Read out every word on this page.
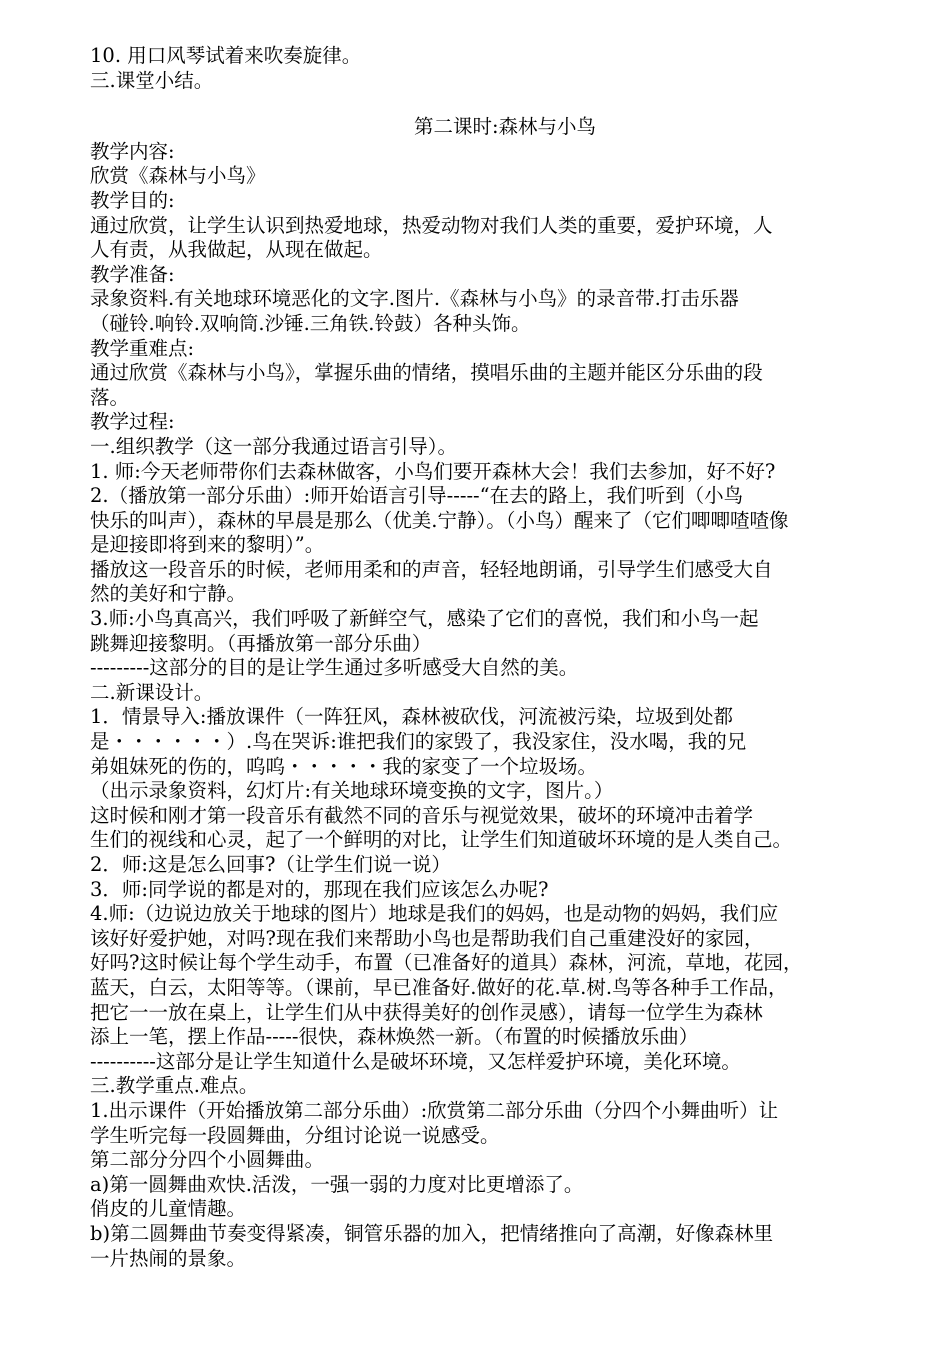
10. 用口风琴试着来吹奏旋律。
三.课堂小结。
第二课时:森林与小鸟
教学内容:
欣赏《森林与小鸟》
教学目的:
通过欣赏，让学生认识到热爱地球，热爱动物对我们人类的重要，爱护环境，人
人有责，从我做起，从现在做起。
教学准备:
录象资料.有关地球环境恶化的文字.图片.《森林与小鸟》的录音带.打击乐器
（碰铃.响铃.双响筒.沙锤.三角铁.铃鼓）各种头饰。
教学重难点:
通过欣赏《森林与小鸟》，掌握乐曲的情绪，摸唱乐曲的主题并能区分乐曲的段
落。
教学过程:
一.组织教学（这一部分我通过语言引导）。
1. 师:今天老师带你们去森林做客，小鸟们要开森林大会！我们去参加，好不好?
2.（播放第一部分乐曲）:师开始语言引导-----“在去的路上，我们听到（小鸟
快乐的叫声），森林的早晨是那么（优美.宁静）。（小鸟）醒来了（它们唧唧喳喳像
是迎接即将到来的黎明）”。
播放这一段音乐的时候，老师用柔和的声音，轻轻地朗诵，引导学生们感受大自
然的美好和宁静。
3.师:小鸟真高兴，我们呼吸了新鲜空气，感染了它们的喜悦，我们和小鸟一起
跳舞迎接黎明。（再播放第一部分乐曲）
---------这部分的目的是让学生通过多听感受大自然的美。
二.新课设计。
1．情景导入:播放课件（一阵狂风，森林被砍伐，河流被污染，垃圾到处都
是・・・・・・）.鸟在哭诉:谁把我们的家毁了，我没家住，没水喝，我的兄
弟姐妹死的伤的，呜呜・・・・・我的家变了一个垃圾场。
（出示录象资料，幻灯片:有关地球环境变换的文字，图片。）
这时候和刚才第一段音乐有截然不同的音乐与视觉效果，破坏的环境冲击着学
生们的视线和心灵，起了一个鲜明的对比，让学生们知道破坏环境的是人类自己。
2．师:这是怎么回事?（让学生们说一说）
3．师:同学说的都是对的，那现在我们应该怎么办呢?
4.师:（边说边放关于地球的图片）地球是我们的妈妈，也是动物的妈妈，我们应
该好好爱护她，对吗?现在我们来帮助小鸟也是帮助我们自己重建没好的家园，
好吗?这时候让每个学生动手，布置（已准备好的道具）森林，河流，草地，花园，
蓝天，白云，太阳等等。（课前，早已准备好.做好的花.草.树.鸟等各种手工作品，
把它一一放在桌上，让学生们从中获得美好的创作灵感），请每一位学生为森林
添上一笔，摆上作品-----很快，森林焕然一新。（布置的时候播放乐曲）
----------这部分是让学生知道什么是破坏环境，又怎样爱护环境，美化环境。
三.教学重点.难点。
1.出示课件（开始播放第二部分乐曲）:欣赏第二部分乐曲（分四个小舞曲听）让
学生听完每一段圆舞曲，分组讨论说一说感受。
第二部分分四个小圆舞曲。
a)第一圆舞曲欢快.活泼，一强一弱的力度对比更增添了。
俏皮的儿童情趣。
b)第二圆舞曲节奏变得紧凑，铜管乐器的加入，把情绪推向了高潮，好像森林里
一片热闹的景象。
